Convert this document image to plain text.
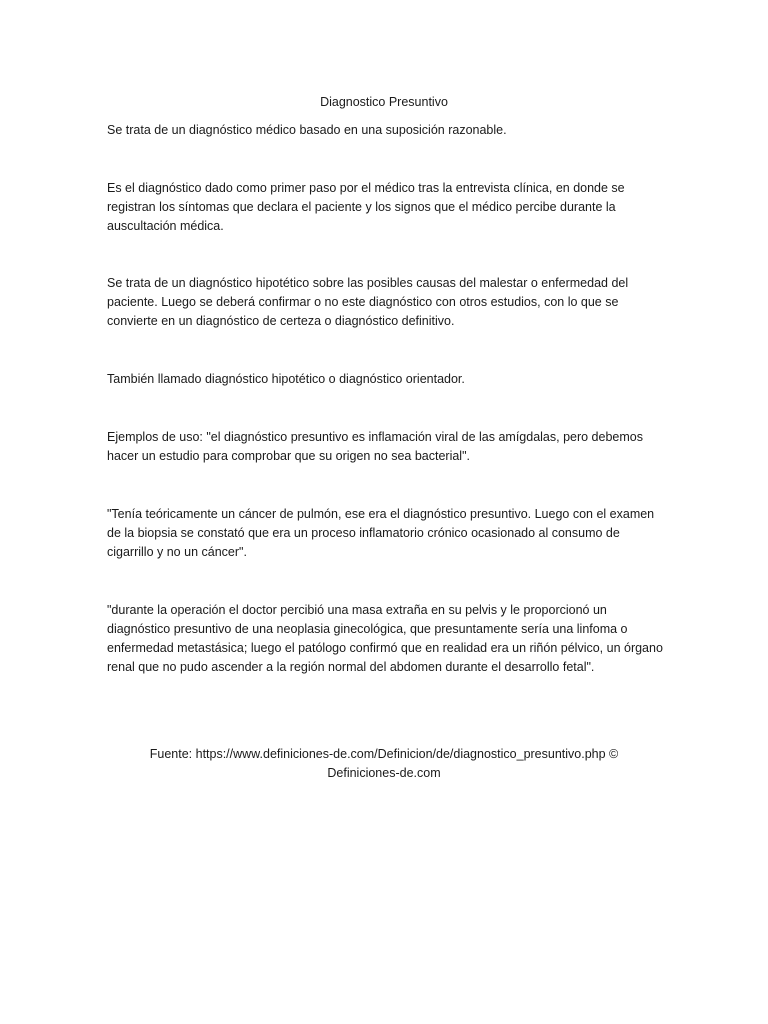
Diagnostico Presuntivo

Se trata de un diagnóstico médico basado en una suposición razonable.

Es el diagnóstico dado como primer paso por el médico tras la entrevista clínica, en donde se registran los síntomas que declara el paciente y los signos que el médico percibe durante la auscultación médica.

Se trata de un diagnóstico hipotético sobre las posibles causas del malestar o enfermedad del paciente. Luego se deberá confirmar o no este diagnóstico con otros estudios, con lo que se convierte en un diagnóstico de certeza o diagnóstico definitivo.

También llamado diagnóstico hipotético o diagnóstico orientador.

Ejemplos de uso: "el diagnóstico presuntivo es inflamación viral de las amígdalas, pero debemos hacer un estudio para comprobar que su origen no sea bacterial".

"Tenía teóricamente un cáncer de pulmón, ese era el diagnóstico presuntivo. Luego con el examen de la biopsia se constató que era un proceso inflamatorio crónico ocasionado al consumo de cigarrillo y no un cáncer".

"durante la operación el doctor percibió una masa extraña en su pelvis y le proporcionó un diagnóstico presuntivo de una neoplasia ginecológica, que presuntamente sería una linfoma o enfermedad metastásica; luego el patólogo confirmó que en realidad era un riñón pélvico, un órgano renal que no pudo ascender a la región normal del abdomen durante el desarrollo fetal".

Fuente: https://www.definiciones-de.com/Definicion/de/diagnostico_presuntivo.php © Definiciones-de.com
